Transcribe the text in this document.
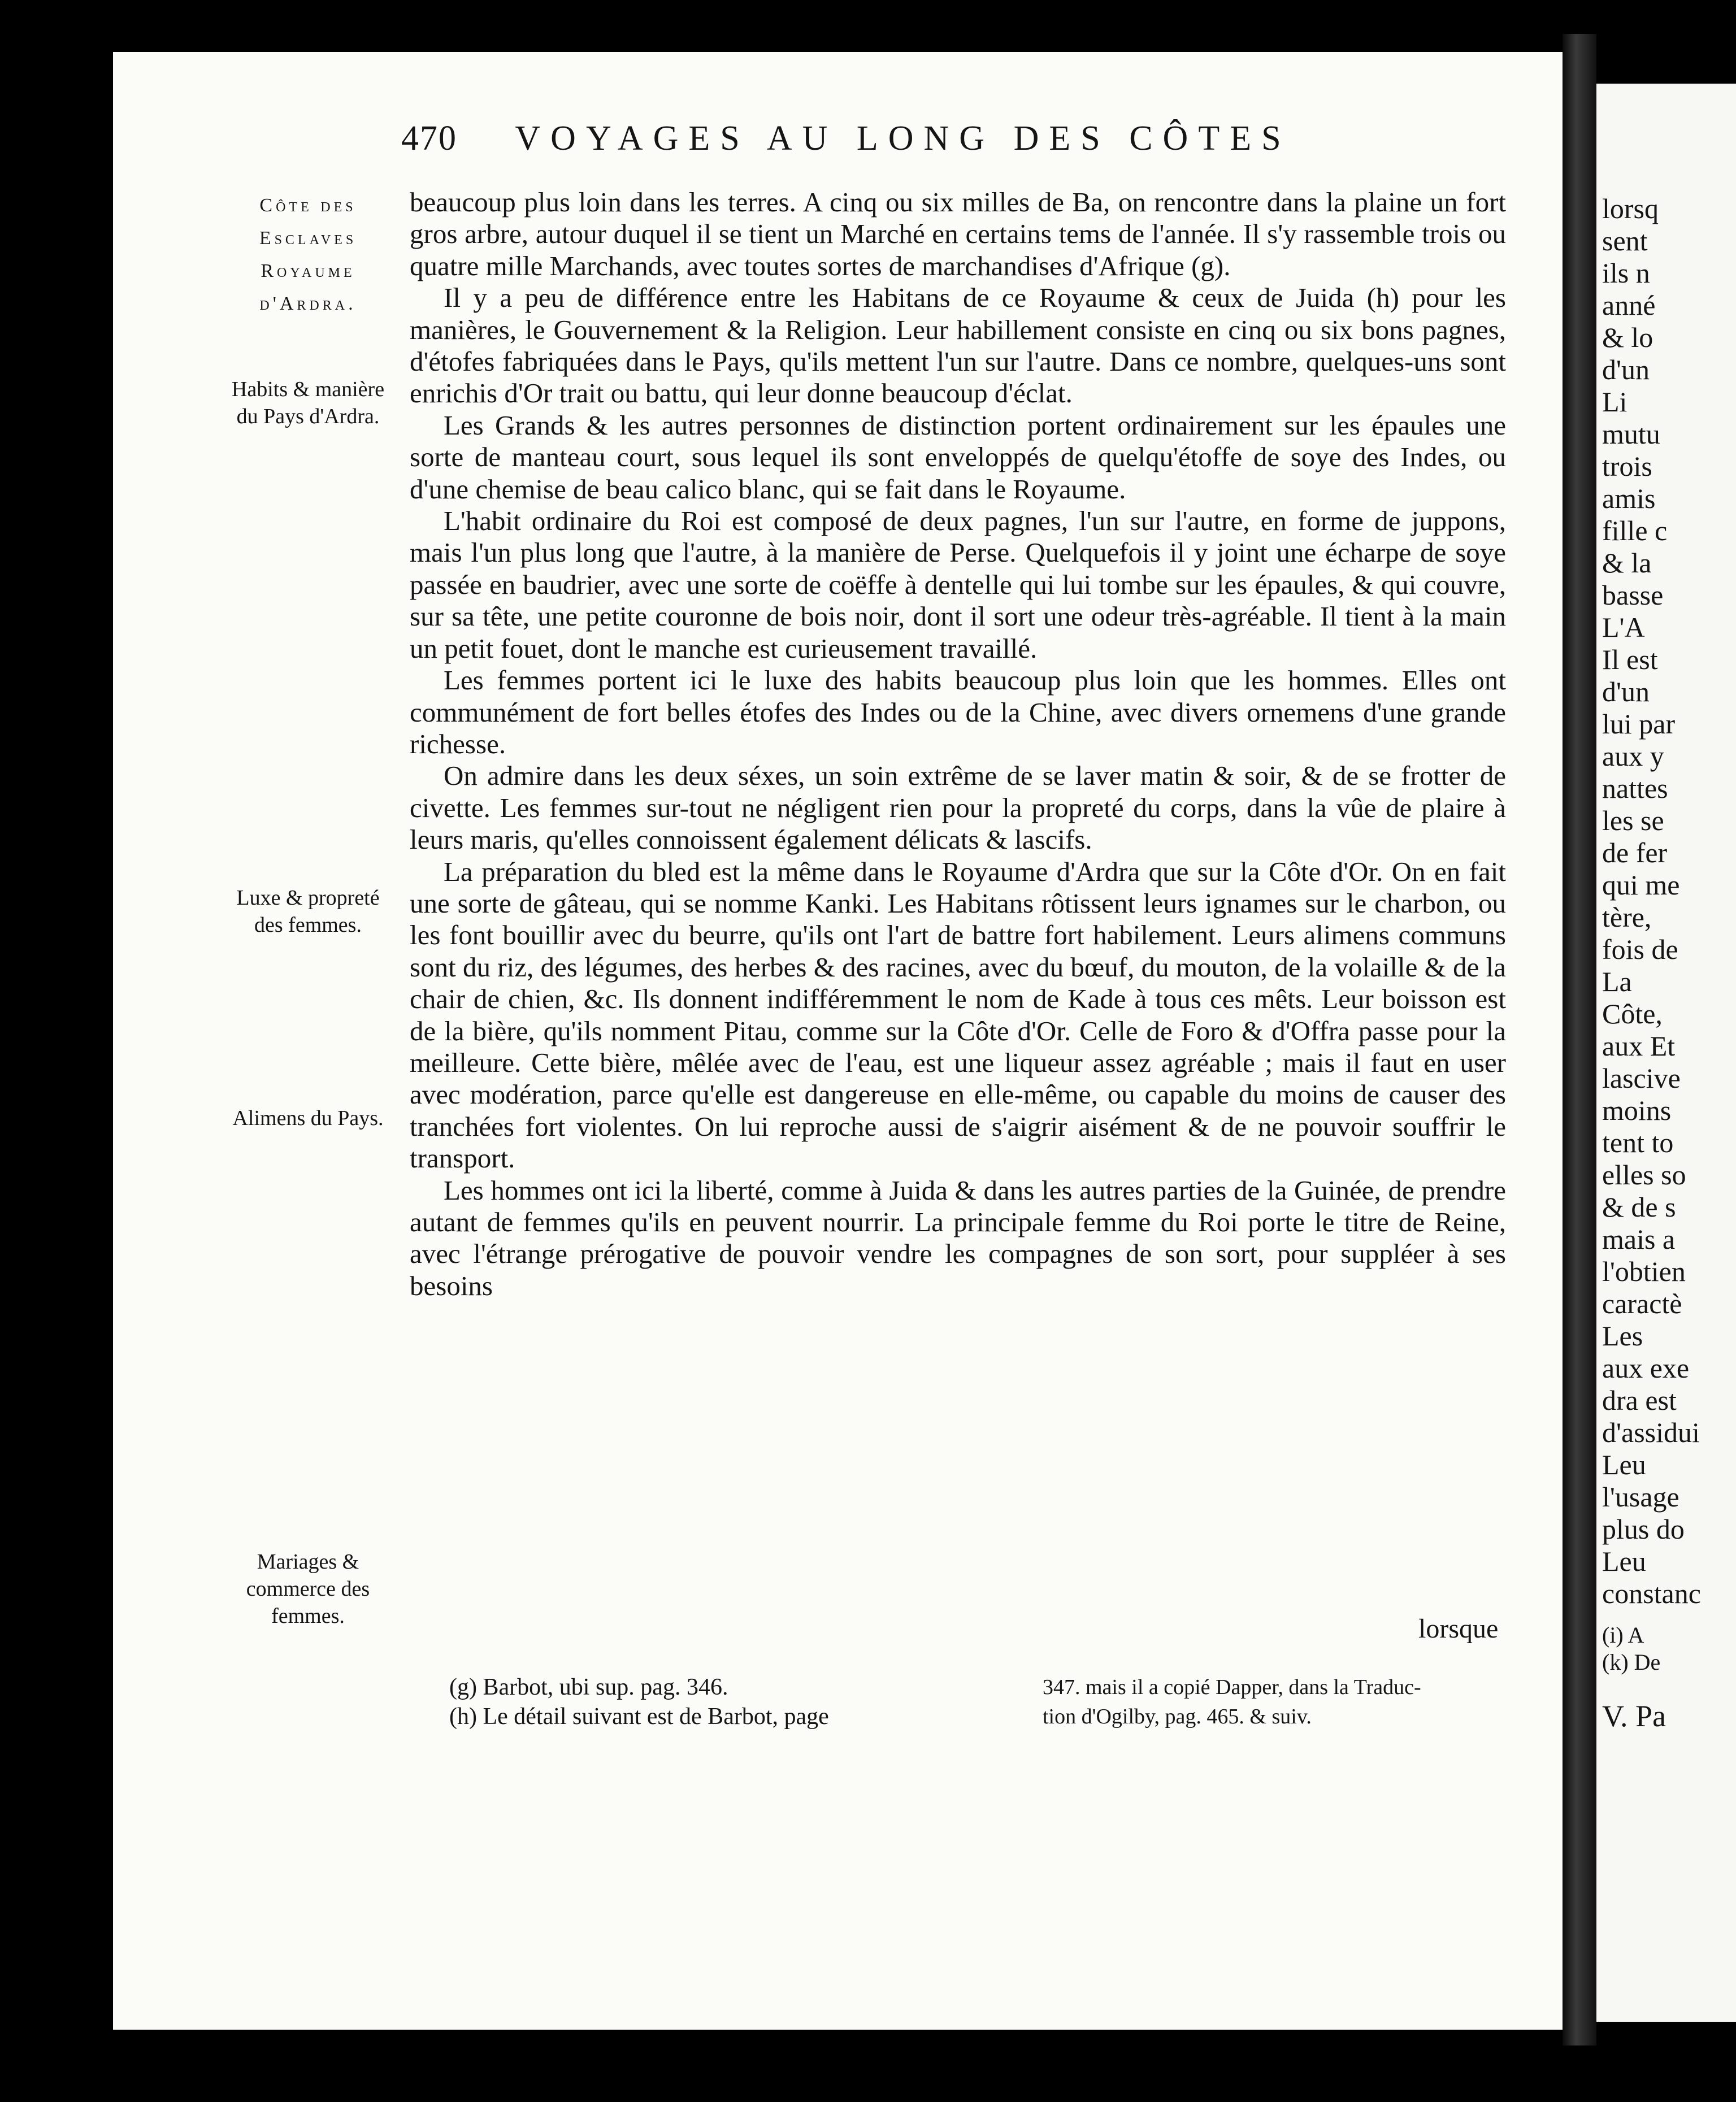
lorsq
sent
ils n
anné
& lo
d'un
Li
mutu
trois
amis
fille c
& la
basse
L'A
Il est
d'un
lui par
aux y
nattes
les se
de fer
qui me
tère,
fois de
La
Côte,
aux Et
lascive
moins
tent to
elles so
& de s
mais a
l'obtien
caractè
Les
aux exe
dra est
d'assidui
Leu
l'usage
plus do
Leu
constanc
(i) A
(k) De
V. Pa
470 VOYAGES AU LONG DES CÔTES
Côte des
Esclaves
Royaume
d'Ardra.
Habits & manière du Pays d'Ardra.
Luxe & propreté des femmes.
Alimens du Pays.
Mariages & commerce des femmes.

beaucoup plus loin dans les terres. A cinq ou six milles de Ba, on rencontre dans la plaine un fort gros arbre, autour duquel il se tient un Marché en certains tems de l'année. Il s'y rassemble trois ou quatre mille Marchands, avec toutes sortes de marchandises d'Afrique (g).

Il y a peu de différence entre les Habitans de ce Royaume & ceux de Juida (h) pour les manières, le Gouvernement & la Religion. Leur habillement consiste en cinq ou six bons pagnes, d'étofes fabriquées dans le Pays, qu'ils mettent l'un sur l'autre. Dans ce nombre, quelques-uns sont enrichis d'Or trait ou battu, qui leur donne beaucoup d'éclat.

Les Grands & les autres personnes de distinction portent ordinairement sur les épaules une sorte de manteau court, sous lequel ils sont enveloppés de quelqu'étoffe de soye des Indes, ou d'une chemise de beau calico blanc, qui se fait dans le Royaume.

L'habit ordinaire du Roi est composé de deux pagnes, l'un sur l'autre, en forme de juppons, mais l'un plus long que l'autre, à la manière de Perse. Quelquefois il y joint une écharpe de soye passée en baudrier, avec une sorte de coëffe à dentelle qui lui tombe sur les épaules, & qui couvre, sur sa tête, une petite couronne de bois noir, dont il sort une odeur très-agréable. Il tient à la main un petit fouet, dont le manche est curieusement travaillé.

Les femmes portent ici le luxe des habits beaucoup plus loin que les hommes. Elles ont communément de fort belles étofes des Indes ou de la Chine, avec divers ornemens d'une grande richesse.

On admire dans les deux séxes, un soin extrême de se laver matin & soir, & de se frotter de civette. Les femmes sur-tout ne négligent rien pour la propreté du corps, dans la vûe de plaire à leurs maris, qu'elles connoissent également délicats & lascifs.

La préparation du bled est la même dans le Royaume d'Ardra que sur la Côte d'Or. On en fait une sorte de gâteau, qui se nomme Kanki. Les Habitans rôtissent leurs ignames sur le charbon, ou les font bouillir avec du beurre, qu'ils ont l'art de battre fort habilement. Leurs alimens communs sont du riz, des légumes, des herbes & des racines, avec du bœuf, du mouton, de la volaille & de la chair de chien, &c. Ils donnent indifféremment le nom de Kade à tous ces mêts. Leur boisson est de la bière, qu'ils nomment Pitau, comme sur la Côte d'Or. Celle de Foro & d'Offra passe pour la meilleure. Cette bière, mêlée avec de l'eau, est une liqueur assez agréable ; mais il faut en user avec modération, parce qu'elle est dangereuse en elle-même, ou capable du moins de causer des tranchées fort violentes. On lui reproche aussi de s'aigrir aisément & de ne pouvoir souffrir le transport.

Les hommes ont ici la liberté, comme à Juida & dans les autres parties de la Guinée, de prendre autant de femmes qu'ils en peuvent nourrir. La principale femme du Roi porte le titre de Reine, avec l'étrange prérogative de pouvoir vendre les compagnes de son sort, pour suppléer à ses besoins

lorsque
(g) Barbot, ubi sup. pag. 346.
(h) Le détail suivant est de Barbot, page
347. mais il a copié Dapper, dans la Traduc-
tion d'Ogilby, pag. 465. & suiv.
